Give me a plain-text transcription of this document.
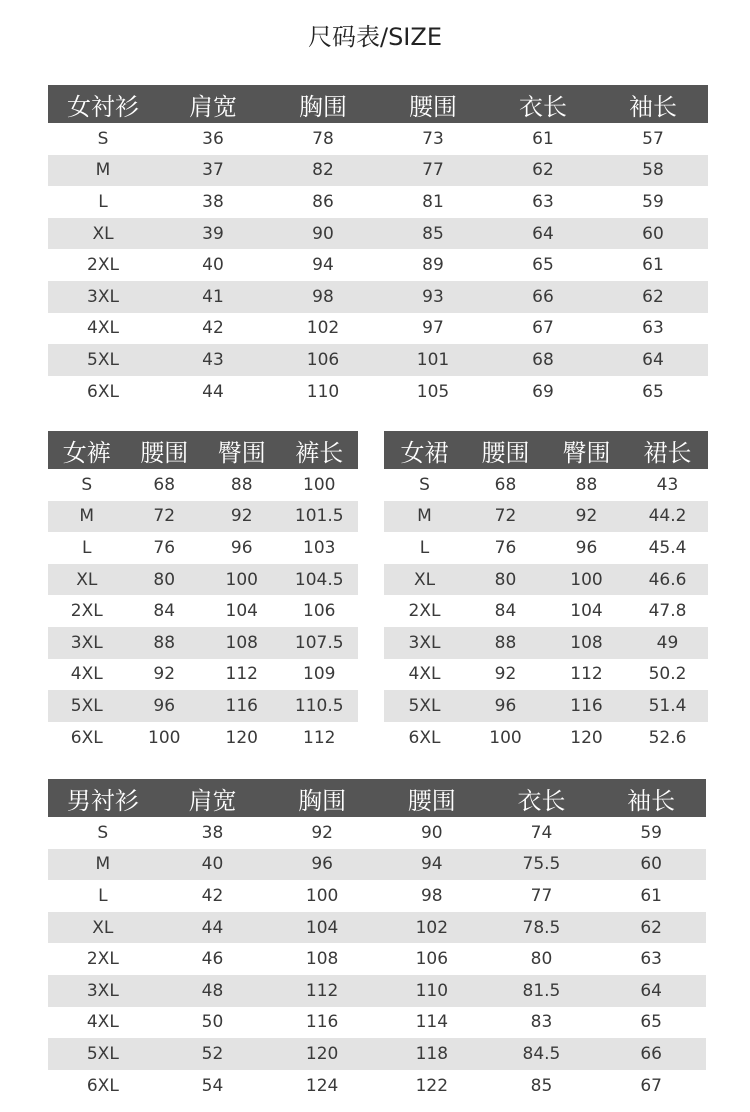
尺码表/SIZE
女衬衫	肩宽	胸围	腰围	衣长	袖长
S	36	78	73	61	57
M	37	82	77	62	58
L	38	86	81	63	59
XL	39	90	85	64	60
2XL	40	94	89	65	61
3XL	41	98	93	66	62
4XL	42	102	97	67	63
5XL	43	106	101	68	64
6XL	44	110	105	69	65
女裤	腰围	臀围	裤长
S	68	88	100
M	72	92	101.5
L	76	96	103
XL	80	100	104.5
2XL	84	104	106
3XL	88	108	107.5
4XL	92	112	109
5XL	96	116	110.5
6XL	100	120	112
女裙	腰围	臀围	裙长
S	68	88	43
M	72	92	44.2
L	76	96	45.4
XL	80	100	46.6
2XL	84	104	47.8
3XL	88	108	49
4XL	92	112	50.2
5XL	96	116	51.4
6XL	100	120	52.6
男衬衫	肩宽	胸围	腰围	衣长	袖长
S	38	92	90	74	59
M	40	96	94	75.5	60
L	42	100	98	77	61
XL	44	104	102	78.5	62
2XL	46	108	106	80	63
3XL	48	112	110	81.5	64
4XL	50	116	114	83	65
5XL	52	120	118	84.5	66
6XL	54	124	122	85	67
